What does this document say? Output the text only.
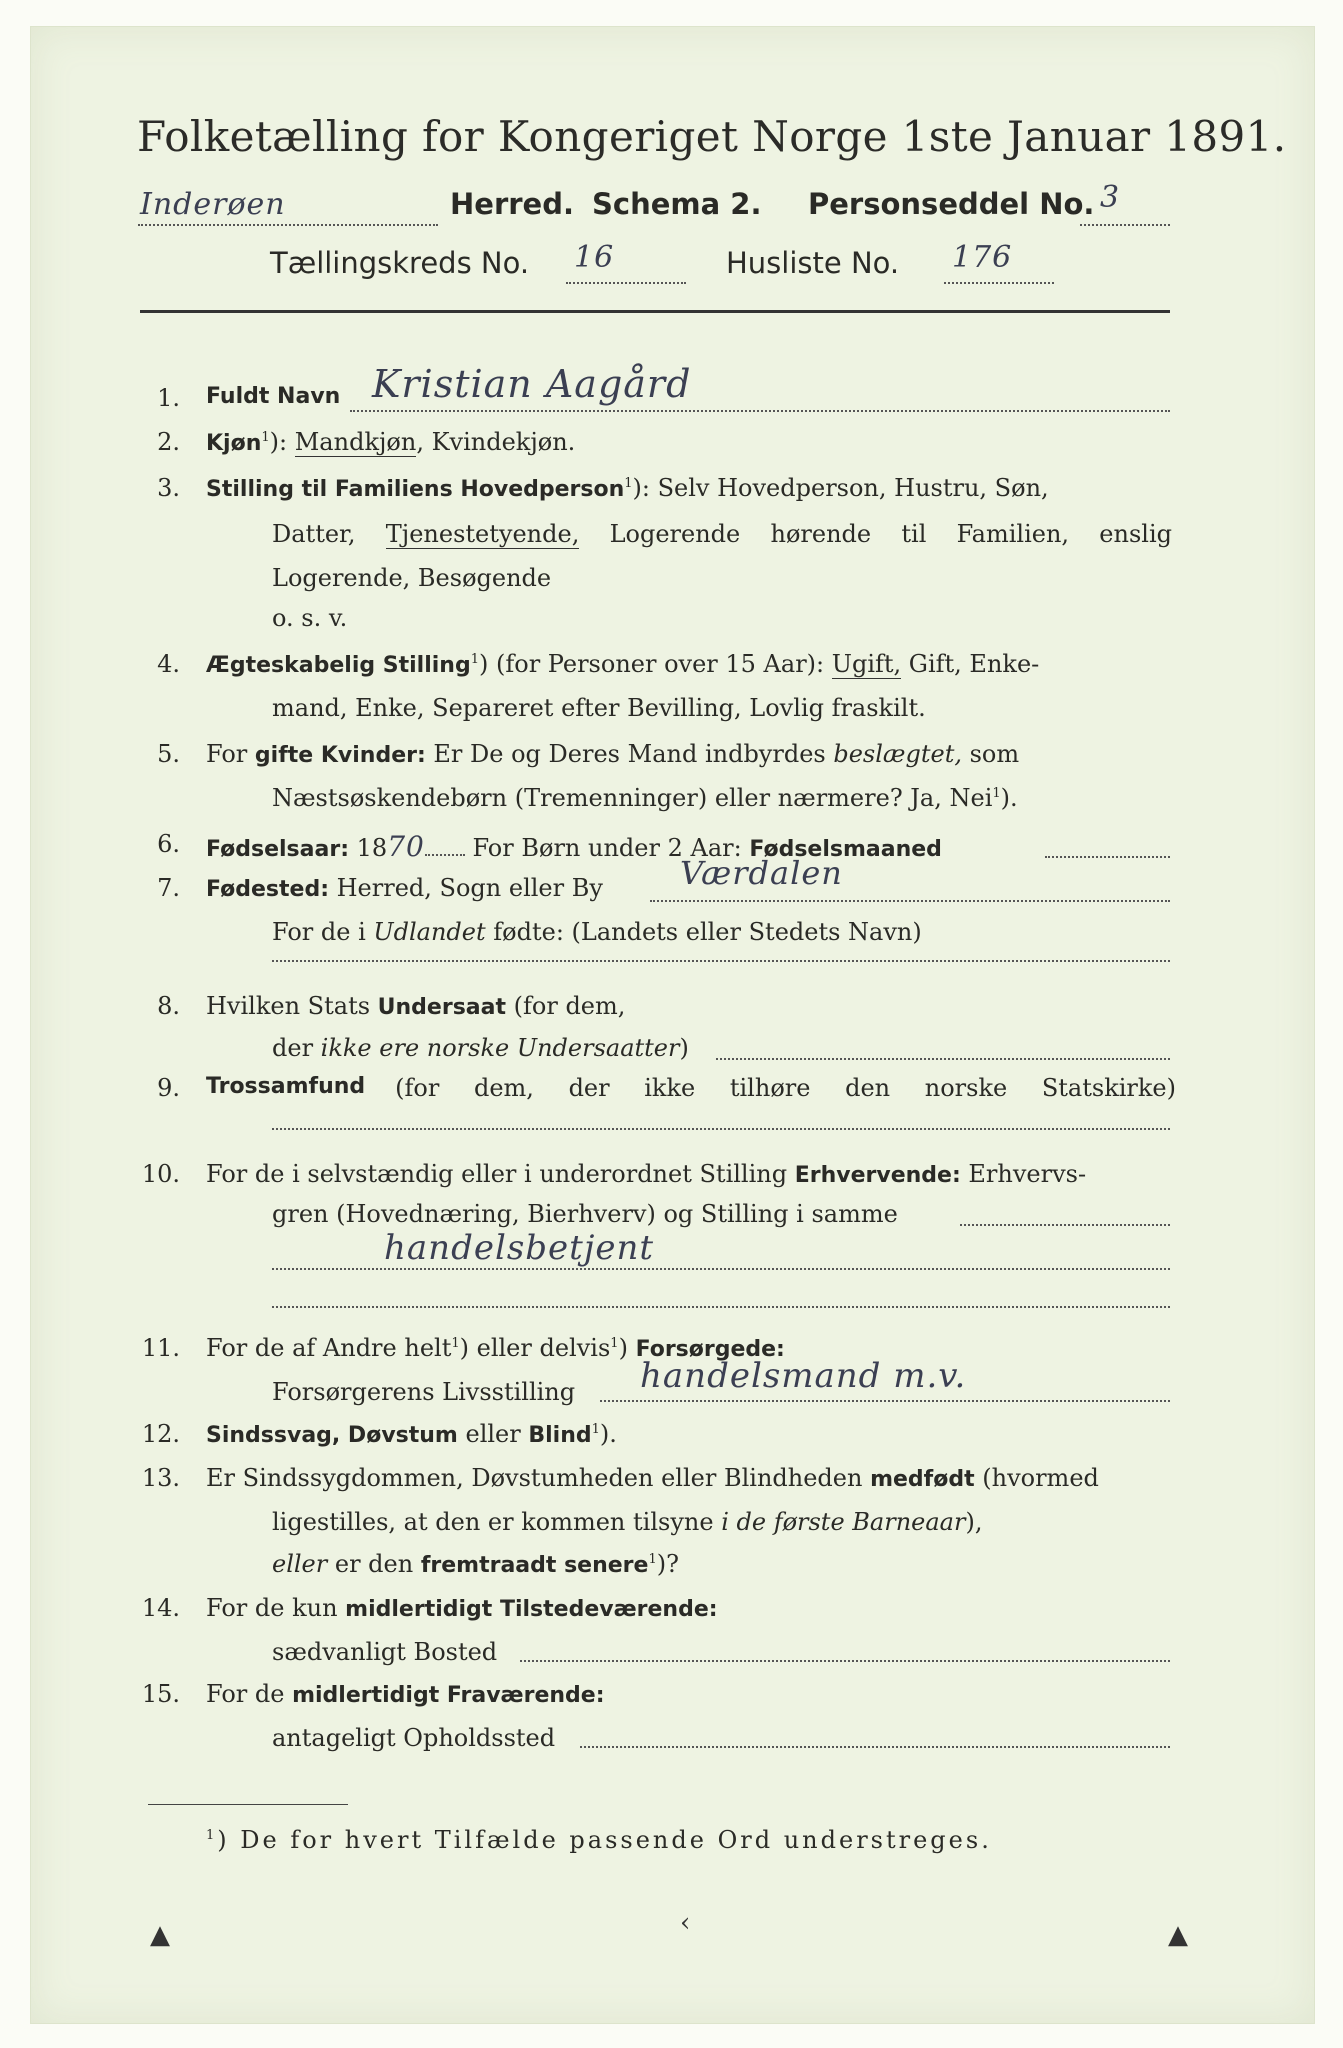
Folketælling for Kongeriget Norge 1ste Januar 1891.
Inderøen	Herred. Schema 2. Personseddel No. 3
Tællingskreds No. 16	Husliste No. 176
1. Fuldt Navn Kristian Aagård
2. Kjøn$^1$): Mandkjøn, Kvindekjøn.
3. Stilling til Familiens Hovedperson$^1$): Selv Hovedperson, Hustru, Søn,
Datter, Tjenestetyende, Logerende hørende til Familien, enslig
Logerende, Besøgende
o. s. v.
4. Ægteskabelig Stilling$^1$) (for Personer over 15 Aar): Ugift, Gift, Enke-
mand, Enke, Separeret efter Bevilling, Lovlig fraskilt.
5. For gifte Kvinder: Er De og Deres Mand indbyrdes beslægtet, som
Næstsøskendebørn (Tremenninger) eller nærmere? Ja, Nei$^1$).
6. Fødselsaar: 1870 For Børn under 2 Aar: Fødselsmaaned
7. Fødested: Herred, Sogn eller By Værdalen
For de i Udlandet fødte: (Landets eller Stedets Navn)
8. Hvilken Stats Undersaat (for dem,
der ikke ere norske Undersaatter)
9. Trossamfund (for dem, der ikke tilhøre den norske Statskirke)
10. For de i selvstændig eller i underordnet Stilling Erhvervende: Erhvervs-
gren (Hovednæring, Bierhverv) og Stilling i samme
handelsbetjent
11. For de af Andre helt$^1$) eller delvis$^1$) Forsørgede:
Forsørgerens Livsstilling handelsmand m.v.
12. Sindssvag, Døvstum eller Blind$^1$).
13. Er Sindssygdommen, Døvstumheden eller Blindheden medfødt (hvormed
ligestilles, at den er kommen tilsyne i de første Barneaar),
eller er den fremtraadt senere$^1$)?
14. For de kun midlertidigt Tilstedeværende:
sædvanligt Bosted
15. For de midlertidigt Fraværende:
antageligt Opholdssted
$^1$) De for hvert Tilfælde passende Ord understreges.
▲	‹	▲
